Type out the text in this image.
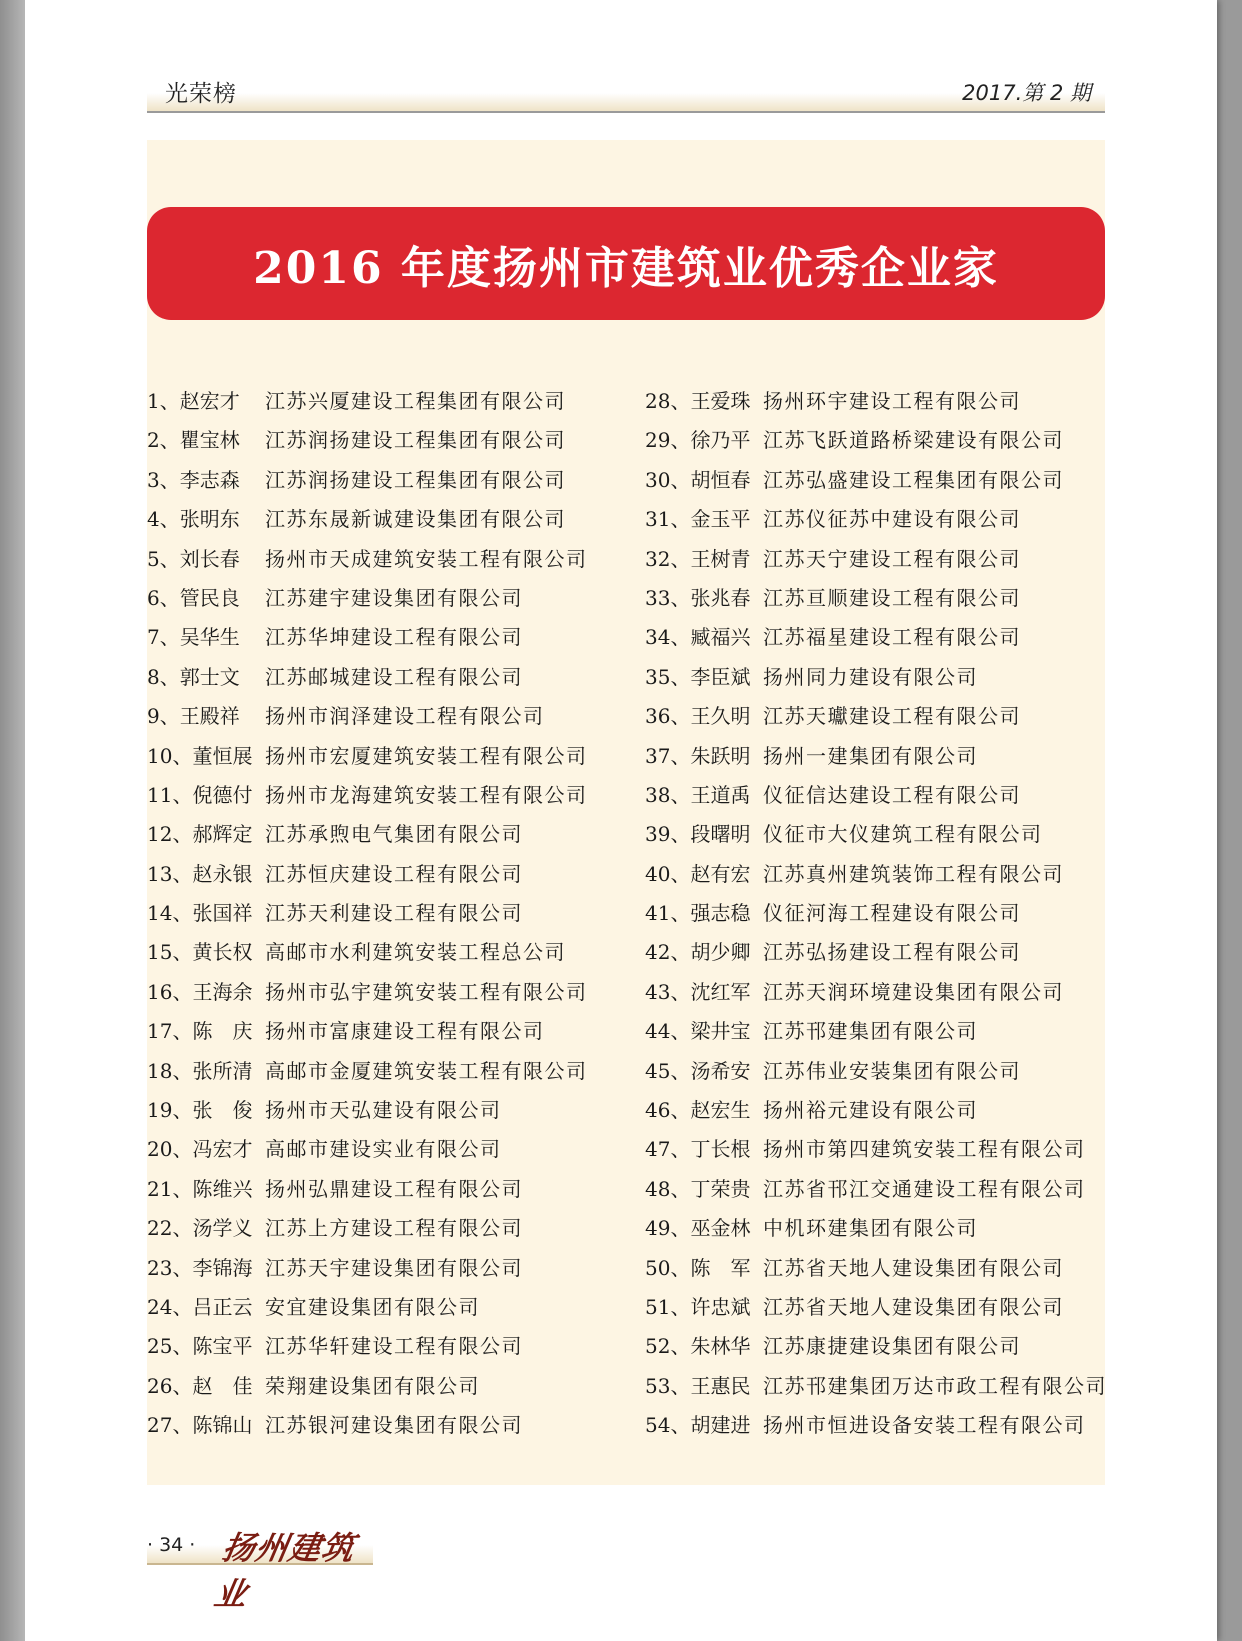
光荣榜	2017.第 2 期
2016 年度扬州市建筑业优秀企业家
1、赵宏才 江苏兴厦建设工程集团有限公司
2、瞿宝林 江苏润扬建设工程集团有限公司
3、李志森 江苏润扬建设工程集团有限公司
4、张明东 江苏东晟新诚建设集团有限公司
5、刘长春 扬州市天成建筑安装工程有限公司
6、管民良 江苏建宇建设集团有限公司
7、吴华生 江苏华坤建设工程有限公司
8、郭士文 江苏邮城建设工程有限公司
9、王殿祥 扬州市润泽建设工程有限公司
10、董恒展 扬州市宏厦建筑安装工程有限公司
11、倪德付 扬州市龙海建筑安装工程有限公司
12、郝辉定 江苏承煦电气集团有限公司
13、赵永银 江苏恒庆建设工程有限公司
14、张国祥 江苏天利建设工程有限公司
15、黄长权 高邮市水利建筑安装工程总公司
16、王海余 扬州市弘宇建筑安装工程有限公司
17、陈　庆 扬州市富康建设工程有限公司
18、张所清 高邮市金厦建筑安装工程有限公司
19、张　俊 扬州市天弘建设有限公司
20、冯宏才 高邮市建设实业有限公司
21、陈维兴 扬州弘鼎建设工程有限公司
22、汤学义 江苏上方建设工程有限公司
23、李锦海 江苏天宇建设集团有限公司
24、吕正云 安宜建设集团有限公司
25、陈宝平 江苏华轩建设工程有限公司
26、赵　佳 荣翔建设集团有限公司
27、陈锦山 江苏银河建设集团有限公司
28、王爱珠 扬州环宇建设工程有限公司
29、徐乃平 江苏飞跃道路桥梁建设有限公司
30、胡恒春 江苏弘盛建设工程集团有限公司
31、金玉平 江苏仪征苏中建设有限公司
32、王树青 江苏天宁建设工程有限公司
33、张兆春 江苏亘顺建设工程有限公司
34、臧福兴 江苏福星建设工程有限公司
35、李臣斌 扬州同力建设有限公司
36、王久明 江苏天瓛建设工程有限公司
37、朱跃明 扬州一建集团有限公司
38、王道禹 仪征信达建设工程有限公司
39、段曙明 仪征市大仪建筑工程有限公司
40、赵有宏 江苏真州建筑装饰工程有限公司
41、强志稳 仪征河海工程建设有限公司
42、胡少卿 江苏弘扬建设工程有限公司
43、沈红军 江苏天润环境建设集团有限公司
44、梁井宝 江苏邗建集团有限公司
45、汤希安 江苏伟业安装集团有限公司
46、赵宏生 扬州裕元建设有限公司
47、丁长根 扬州市第四建筑安装工程有限公司
48、丁荣贵 江苏省邗江交通建设工程有限公司
49、巫金林 中机环建集团有限公司
50、陈　军 江苏省天地人建设集团有限公司
51、许忠斌 江苏省天地人建设集团有限公司
52、朱林华 江苏康捷建设集团有限公司
53、王惠民 江苏邗建集团万达市政工程有限公司
54、胡建进 扬州市恒进设备安装工程有限公司
· 34 · 扬州建筑业
